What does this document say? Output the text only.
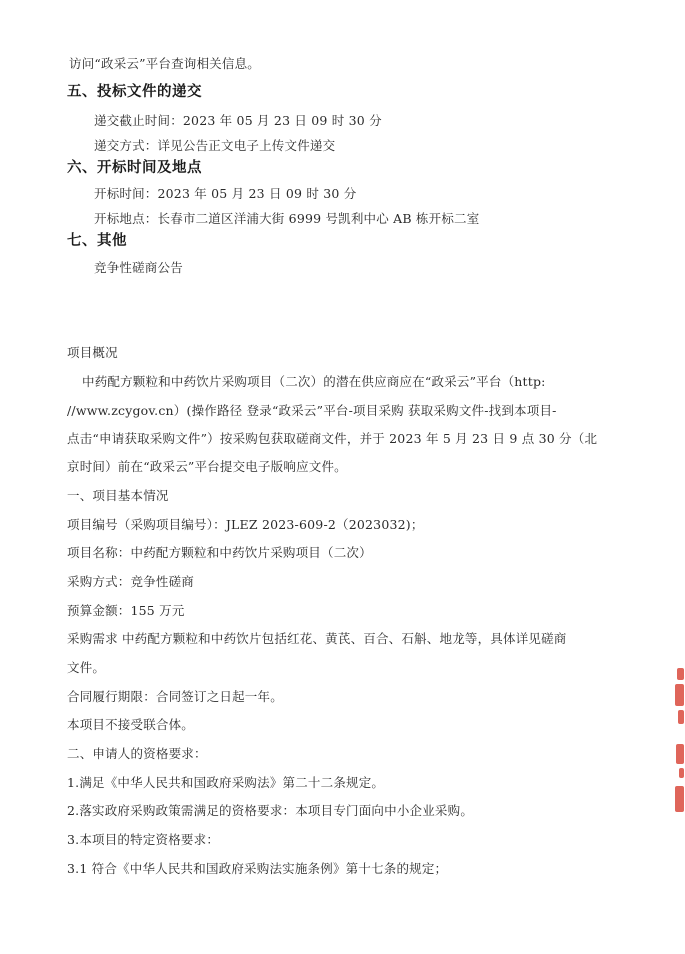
访问“政采云”平台查询相关信息。
五、投标文件的递交
递交截止时间：2023 年 05 月 23 日 09 时 30 分
递交方式：详见公告正文电子上传文件递交
六、开标时间及地点
开标时间：2023 年 05 月 23 日 09 时 30 分
开标地点：长春市二道区洋浦大街 6999 号凯利中心 AB 栋开标二室
七、其他
竞争性磋商公告
项目概况
中药配方颗粒和中药饮片采购项目（二次）的潜在供应商应在“政采云”平台（http:
//www.zcygov.cn）(操作路径 登录“政采云”平台-项目采购 获取采购文件-找到本项目-
点击“申请获取采购文件”）按采购包获取磋商文件，并于 2023 年 5 月 23 日 9 点 30 分（北
京时间）前在“政采云”平台提交电子版响应文件。
一、项目基本情况
项目编号（采购项目编号）：JLEZ 2023-609-2（2023032)；
项目名称：中药配方颗粒和中药饮片采购项目（二次）
采购方式：竞争性磋商
预算金额：155 万元
采购需求 中药配方颗粒和中药饮片包括红花、黄芪、百合、石斛、地龙等，具体详见磋商
文件。
合同履行期限：合同签订之日起一年。
本项目不接受联合体。
二、申请人的资格要求：
1.满足《中华人民共和国政府采购法》第二十二条规定。
2.落实政府采购政策需满足的资格要求：本项目专门面向中小企业采购。
3.本项目的特定资格要求：
3.1 符合《中华人民共和国政府采购法实施条例》第十七条的规定；
